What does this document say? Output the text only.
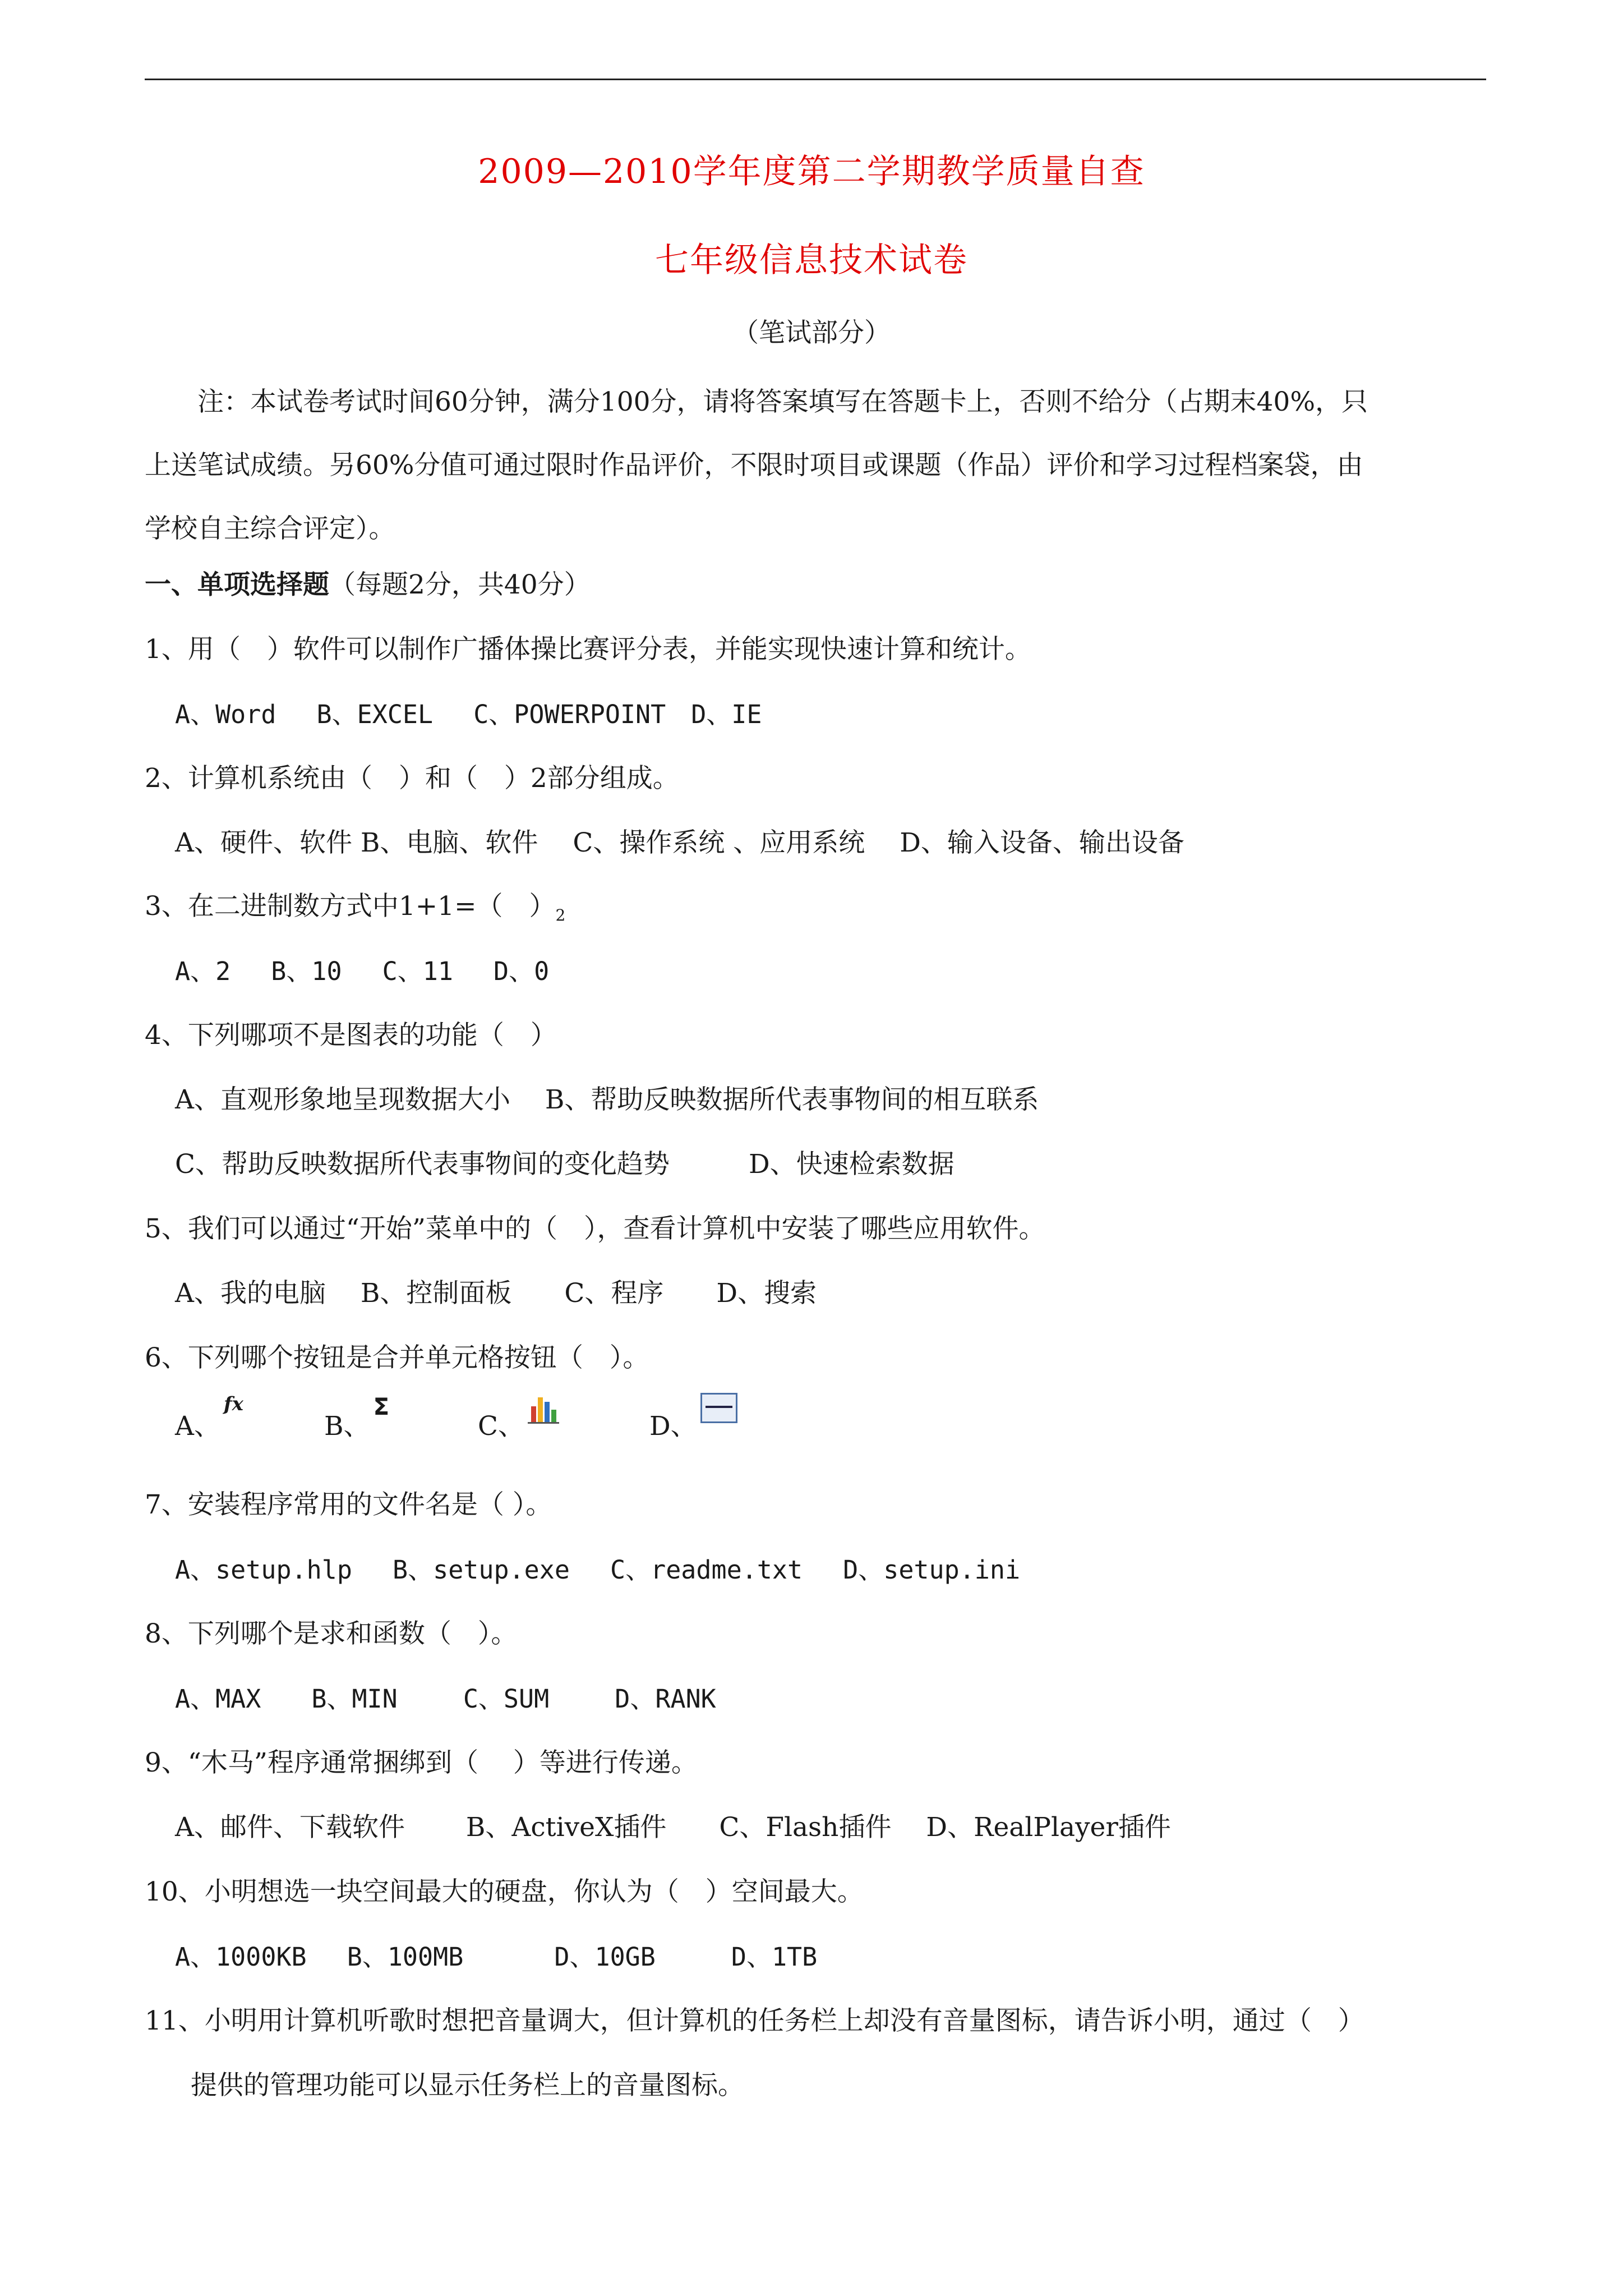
2009—2010学年度第二学期教学质量自查
七年级信息技术试卷
（笔试部分）

注：本试卷考试时间60分钟，满分100分，请将答案填写在答题卡上，否则不给分（占期末40%，只

上送笔试成绩。另60%分值可通过限时作品评价，不限时项目或课题（作品）评价和学习过程档案袋，由

学校自主综合评定）。

一、单项选择题（每题2分，共40分）
1、用（　）软件可以制作广播体操比赛评分表，并能实现快速计算和统计。
A、Word　 B、EXCEL　 C、POWERPOINT　D、IE
2、计算机系统由（　）和（　）2部分组成。
A、硬件、软件 B、电脑、软件　 C、操作系统 、应用系统　 D、输入设备、输出设备
3、在二进制数方式中1+1=（　）$_2$
A、2　 B、10　 C、11　 D、0
4、下列哪项不是图表的功能（　）
A、直观形象地呈现数据大小　 B、帮助反映数据所代表事物间的相互联系
C、帮助反映数据所代表事物间的变化趋势　　　D、快速检索数据
5、我们可以通过“开始”菜单中的（　），查看计算机中安装了哪些应用软件。
A、我的电脑　 B、控制面板　　C、程序　　D、搜索
6、下列哪个按钮是合并单元格按钮（　）。
A、fx
B、Σ
C、	D、
7、安装程序常用的文件名是（ ）。
A、setup.hlp　 B、setup.exe　 C、readme.txt　 D、setup.ini
8、下列哪个是求和函数（　）。
A、MAX　　B、MIN　　 C、SUM　　 D、RANK
9、“木马”程序通常捆绑到（　 ）等进行传递。
A、邮件、下载软件　　 B、ActiveX插件　　C、Flash插件　 D、RealPlayer插件
10、小明想选一块空间最大的硬盘，你认为（　）空间最大。
A、1000KB　 B、100MB　　　 D、10GB　　　D、1TB
11、小明用计算机听歌时想把音量调大，但计算机的任务栏上却没有音量图标，请告诉小明，通过（　）
提供的管理功能可以显示任务栏上的音量图标。
